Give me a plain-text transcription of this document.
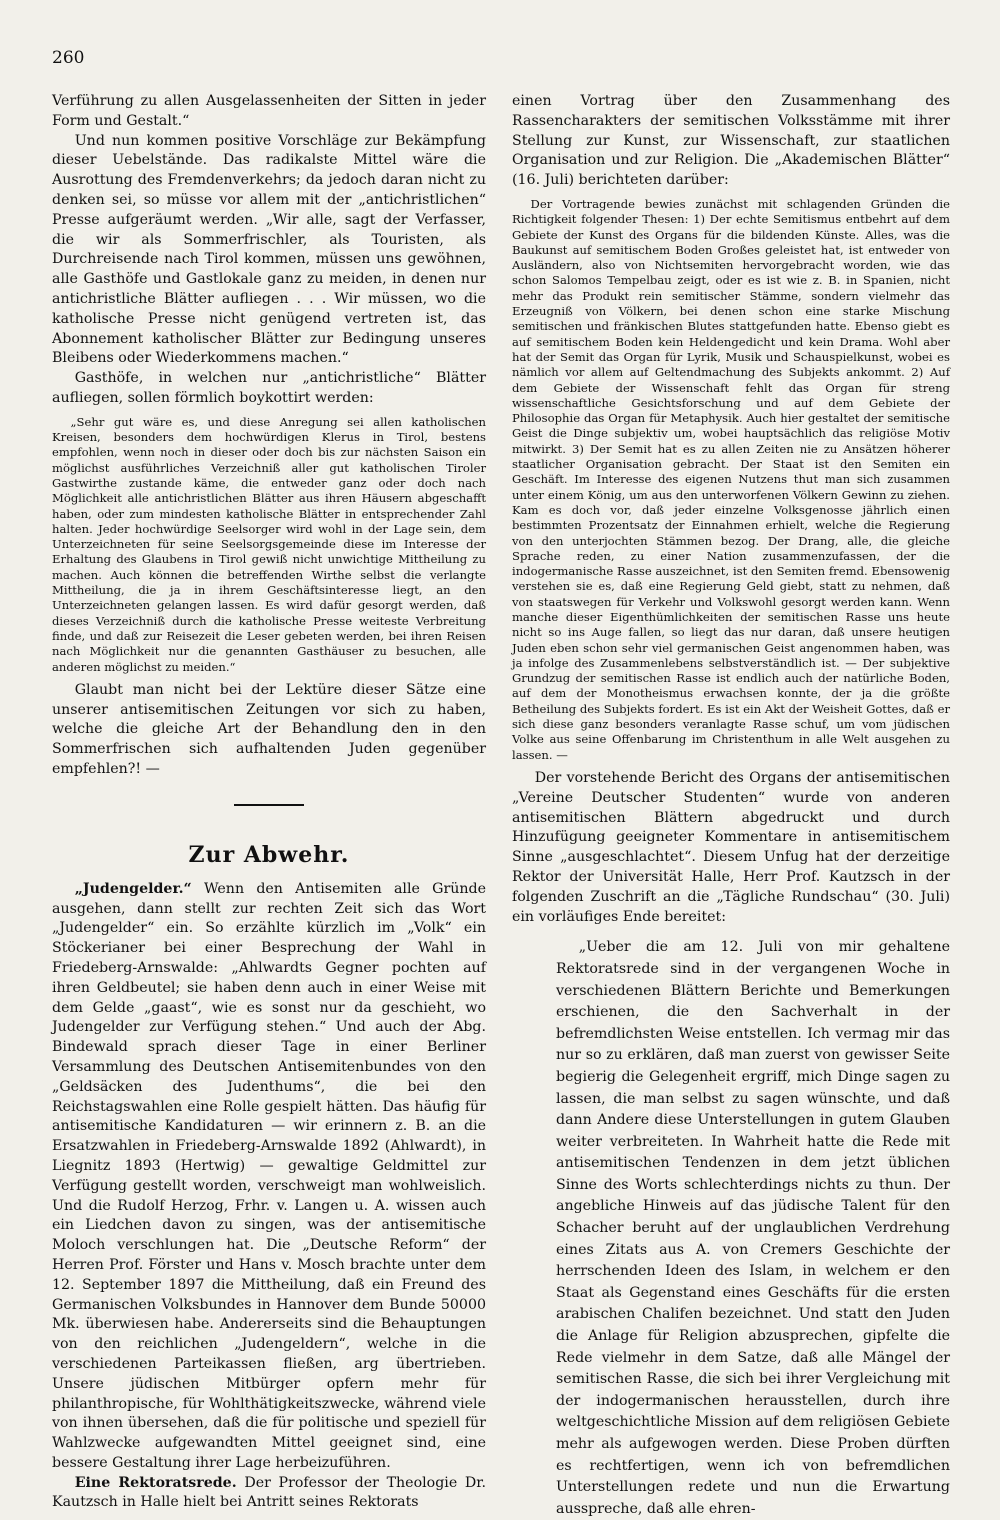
260

Verführung zu allen Ausgelassenheiten der Sitten in jeder Form und Gestalt.“

Und nun kommen positive Vorschläge zur Bekämpfung dieser Uebelstände. Das radikalste Mittel wäre die Ausrottung des Fremdenverkehrs; da jedoch daran nicht zu denken sei, so müsse vor allem mit der „antichristlichen“ Presse aufgeräumt werden. „Wir alle, sagt der Verfasser, die wir als Sommerfrischler, als Touristen, als Durchreisende nach Tirol kommen, müssen uns gewöhnen, alle Gasthöfe und Gastlokale ganz zu meiden, in denen nur antichristliche Blätter aufliegen . . . Wir müssen, wo die katholische Presse nicht genügend vertreten ist, das Abonnement katholischer Blätter zur Bedingung unseres Bleibens oder Wiederkommens machen.“

Gasthöfe, in welchen nur „antichristliche“ Blätter aufliegen, sollen förmlich boykottirt werden:

„Sehr gut wäre es, und diese Anregung sei allen katholischen Kreisen, besonders dem hochwürdigen Klerus in Tirol, bestens empfohlen, wenn noch in dieser oder doch bis zur nächsten Saison ein möglichst ausführliches Verzeichniß aller gut katholischen Tiroler Gastwirthe zustande käme, die entweder ganz oder doch nach Möglichkeit alle antichristlichen Blätter aus ihren Häusern abgeschafft haben, oder zum mindesten katholische Blätter in entsprechender Zahl halten. Jeder hochwürdige Seelsorger wird wohl in der Lage sein, dem Unterzeichneten für seine Seelsorgsgemeinde diese im Interesse der Erhaltung des Glaubens in Tirol gewiß nicht unwichtige Mittheilung zu machen. Auch können die betreffenden Wirthe selbst die verlangte Mittheilung, die ja in ihrem Geschäftsinteresse liegt, an den Unterzeichneten gelangen lassen. Es wird dafür gesorgt werden, daß dieses Verzeichniß durch die katholische Presse weiteste Verbreitung finde, und daß zur Reisezeit die Leser gebeten werden, bei ihren Reisen nach Möglichkeit nur die genannten Gasthäuser zu besuchen, alle anderen möglichst zu meiden.“

Glaubt man nicht bei der Lektüre dieser Sätze eine unserer antisemitischen Zeitungen vor sich zu haben, welche die gleiche Art der Behandlung den in den Sommerfrischen sich aufhaltenden Juden gegenüber empfehlen?! —

Zur Abwehr.

„Judengelder.“ Wenn den Antisemiten alle Gründe ausgehen, dann stellt zur rechten Zeit sich das Wort „Judengelder“ ein. So erzählte kürzlich im „Volk“ ein Stöckerianer bei einer Besprechung der Wahl in Friedeberg-Arnswalde: „Ahlwardts Gegner pochten auf ihren Geldbeutel; sie haben denn auch in einer Weise mit dem Gelde „gaast“, wie es sonst nur da geschieht, wo Judengelder zur Verfügung stehen.“ Und auch der Abg. Bindewald sprach dieser Tage in einer Berliner Versammlung des Deutschen Antisemitenbundes von den „Geldsäcken des Judenthums“, die bei den Reichstagswahlen eine Rolle gespielt hätten. Das häufig für antisemitische Kandidaturen — wir erinnern z. B. an die Ersatzwahlen in Friedeberg-Arnswalde 1892 (Ahlwardt), in Liegnitz 1893 (Hertwig) — gewaltige Geldmittel zur Verfügung gestellt worden, verschweigt man wohlweislich. Und die Rudolf Herzog, Frhr. v. Langen u. A. wissen auch ein Liedchen davon zu singen, was der antisemitische Moloch verschlungen hat. Die „Deutsche Reform“ der Herren Prof. Förster und Hans v. Mosch brachte unter dem 12. September 1897 die Mittheilung, daß ein Freund des Germanischen Volksbundes in Hannover dem Bunde 50000 Mk. überwiesen habe. Andererseits sind die Behauptungen von den reichlichen „Judengeldern“, welche in die verschiedenen Parteikassen fließen, arg übertrieben. Unsere jüdischen Mitbürger opfern mehr für philanthropische, für Wohlthätigkeitszwecke, während viele von ihnen übersehen, daß die für politische und speziell für Wahlzwecke aufgewandten Mittel geeignet sind, eine bessere Gestaltung ihrer Lage herbeizuführen.

Eine Rektoratsrede. Der Professor der Theologie Dr. Kautzsch in Halle hielt bei Antritt seines Rektorats

einen Vortrag über den Zusammenhang des Rassencharakters der semitischen Volksstämme mit ihrer Stellung zur Kunst, zur Wissenschaft, zur staatlichen Organisation und zur Religion. Die „Akademischen Blätter“ (16. Juli) berichteten darüber:

Der Vortragende bewies zunächst mit schlagenden Gründen die Richtigkeit folgender Thesen: 1) Der echte Semitismus entbehrt auf dem Gebiete der Kunst des Organs für die bildenden Künste. Alles, was die Baukunst auf semitischem Boden Großes geleistet hat, ist entweder von Ausländern, also von Nichtsemiten hervorgebracht worden, wie das schon Salomos Tempelbau zeigt, oder es ist wie z. B. in Spanien, nicht mehr das Produkt rein semitischer Stämme, sondern vielmehr das Erzeugniß von Völkern, bei denen schon eine starke Mischung semitischen und fränkischen Blutes stattgefunden hatte. Ebenso giebt es auf semitischem Boden kein Heldengedicht und kein Drama. Wohl aber hat der Semit das Organ für Lyrik, Musik und Schauspielkunst, wobei es nämlich vor allem auf Geltendmachung des Subjekts ankommt. 2) Auf dem Gebiete der Wissenschaft fehlt das Organ für streng wissenschaftliche Gesichtsforschung und auf dem Gebiete der Philosophie das Organ für Metaphysik. Auch hier gestaltet der semitische Geist die Dinge subjektiv um, wobei hauptsächlich das religiöse Motiv mitwirkt. 3) Der Semit hat es zu allen Zeiten nie zu Ansätzen höherer staatlicher Organisation gebracht. Der Staat ist den Semiten ein Geschäft. Im Interesse des eigenen Nutzens thut man sich zusammen unter einem König, um aus den unterworfenen Völkern Gewinn zu ziehen. Kam es doch vor, daß jeder einzelne Volksgenosse jährlich einen bestimmten Prozentsatz der Einnahmen erhielt, welche die Regierung von den unterjochten Stämmen bezog. Der Drang, alle, die gleiche Sprache reden, zu einer Nation zusammenzufassen, der die indogermanische Rasse auszeichnet, ist den Semiten fremd. Ebensowenig verstehen sie es, daß eine Regierung Geld giebt, statt zu nehmen, daß von staatswegen für Verkehr und Volkswohl gesorgt werden kann. Wenn manche dieser Eigenthümlichkeiten der semitischen Rasse uns heute nicht so ins Auge fallen, so liegt das nur daran, daß unsere heutigen Juden eben schon sehr viel germanischen Geist angenommen haben, was ja infolge des Zusammenlebens selbstverständlich ist. — Der subjektive Grundzug der semitischen Rasse ist endlich auch der natürliche Boden, auf dem der Monotheismus erwachsen konnte, der ja die größte Betheilung des Subjekts fordert. Es ist ein Akt der Weisheit Gottes, daß er sich diese ganz besonders veranlagte Rasse schuf, um vom jüdischen Volke aus seine Offenbarung im Christenthum in alle Welt ausgehen zu lassen. —

Der vorstehende Bericht des Organs der antisemitischen „Vereine Deutscher Studenten“ wurde von anderen antisemitischen Blättern abgedruckt und durch Hinzufügung geeigneter Kommentare in antisemitischem Sinne „ausgeschlachtet“. Diesem Unfug hat der derzeitige Rektor der Universität Halle, Herr Prof. Kautzsch in der folgenden Zuschrift an die „Tägliche Rundschau“ (30. Juli) ein vorläufiges Ende bereitet:

„Ueber die am 12. Juli von mir gehaltene Rektoratsrede sind in der vergangenen Woche in verschiedenen Blättern Berichte und Bemerkungen erschienen, die den Sachverhalt in der befremdlichsten Weise entstellen. Ich vermag mir das nur so zu erklären, daß man zuerst von gewisser Seite begierig die Gelegenheit ergriff, mich Dinge sagen zu lassen, die man selbst zu sagen wünschte, und daß dann Andere diese Unterstellungen in gutem Glauben weiter verbreiteten. In Wahrheit hatte die Rede mit antisemitischen Tendenzen in dem jetzt üblichen Sinne des Worts schlechterdings nichts zu thun. Der angebliche Hinweis auf das jüdische Talent für den Schacher beruht auf der unglaublichen Verdrehung eines Zitats aus A. von Cremers Geschichte der herrschenden Ideen des Islam, in welchem er den Staat als Gegenstand eines Geschäfts für die ersten arabischen Chalifen bezeichnet. Und statt den Juden die Anlage für Religion abzusprechen, gipfelte die Rede vielmehr in dem Satze, daß alle Mängel der semitischen Rasse, die sich bei ihrer Vergleichung mit der indogermanischen herausstellen, durch ihre weltgeschichtliche Mission auf dem religiösen Gebiete mehr als aufgewogen werden. Diese Proben dürften es rechtfertigen, wenn ich von befremdlichen Unterstellungen redete und nun die Erwartung ausspreche, daß alle ehren-
